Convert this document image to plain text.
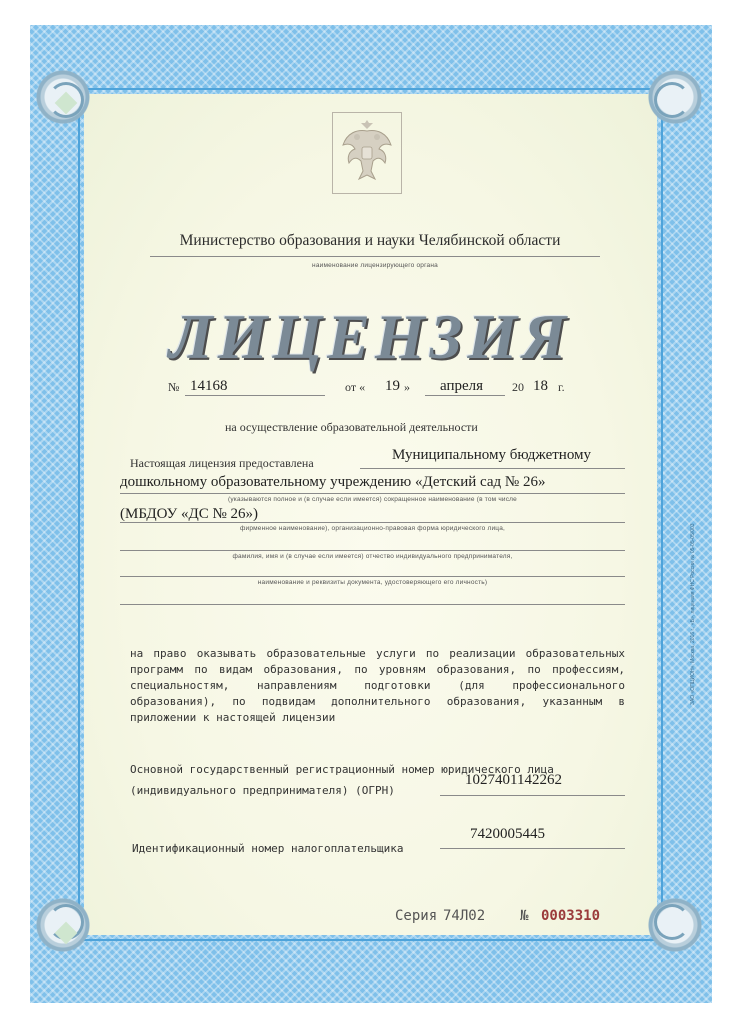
Министерство образования и науки Челябинской области
наименование лицензирующего органа
ЛИЦЕНЗИЯ
№ 14168	от « 19 » апреля 20 18 г.
на осуществление образовательной деятельности
Настоящая лицензия предоставлена	Муниципальному бюджетному
дошкольному образовательному учреждению «Детский сад № 26»
(указываются полное и (в случае если имеется) сокращенное наименование (в том числе
(МБДОУ «ДС № 26»)
фирменное наименование), организационно-правовая форма юридического лица,
фамилия, имя и (в случае если имеется) отчество индивидуального предпринимателя,
наименование и реквизиты документа, удостоверяющего его личность)
на право оказывать образовательные услуги по реализации образовательных программ по видам образования, по уровням образования, по профессиям, специальностям, направлениям подготовки (для профессионального образования), по подвидам дополнительного образования, указанным в приложении к настоящей лицензии
Основной государственный регистрационный номер юридического лица
(индивидуального предпринимателя) (ОГРН)
1027401142262
7420005445
Идентификационный номер налогоплательщика
Серия 74Л02 № 0003310
ЗАО «ОПЦИОН», Москва, 2016 г., «В», лицензия ФНС России № 05-05-05/003
